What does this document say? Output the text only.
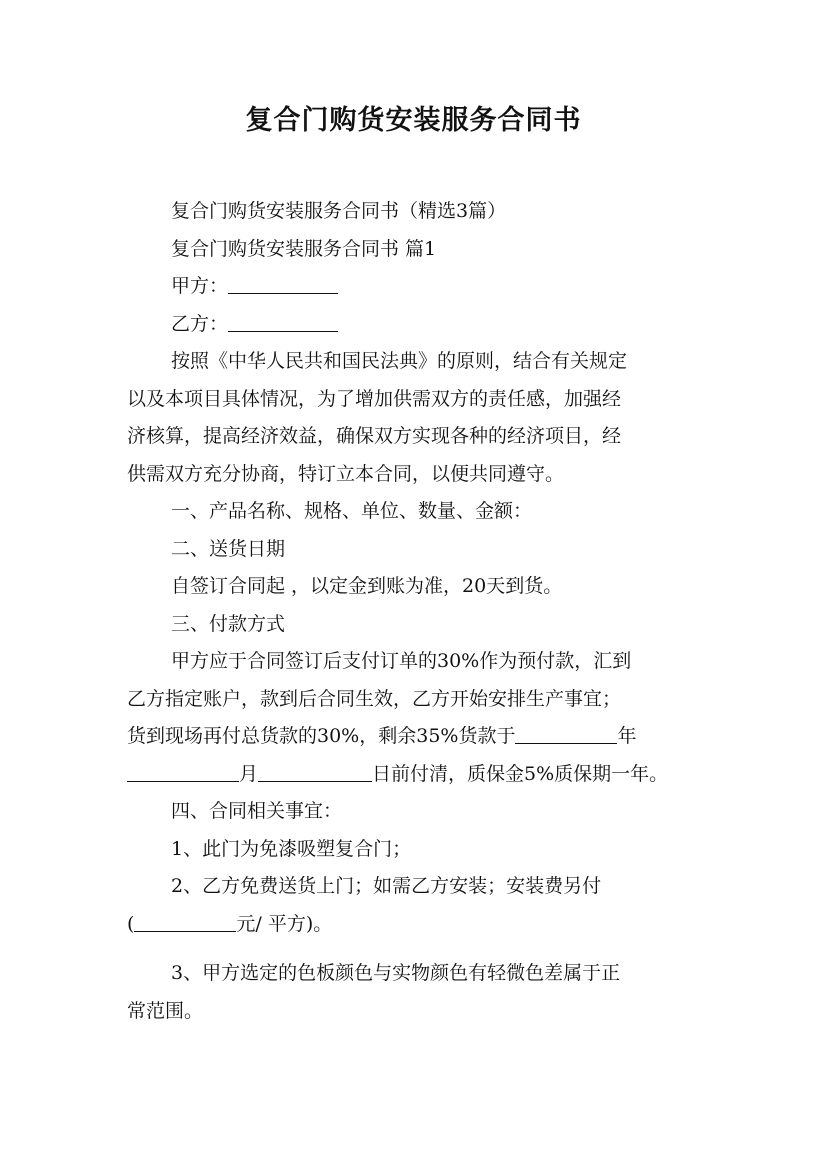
复合门购货安装服务合同书

复合门购货安装服务合同书（精选3篇）

复合门购货安装服务合同书 篇1

甲方：

乙方：

按照《中华人民共和国民法典》的原则，结合有关规定
以及本项目具体情况，为了增加供需双方的责任感，加强经
济核算，提高经济效益，确保双方实现各种的经济项目，经
供需双方充分协商，特订立本合同，以便共同遵守。

一、产品名称、规格、单位、数量、金额：

二、送货日期

自签订合同起 ，以定金到账为准，20天到货。

三、付款方式

甲方应于合同签订后支付订单的30%作为预付款，汇到
乙方指定账户，款到后合同生效，乙方开始安排生产事宜；
货到现场再付总货款的30%，剩余35%货款于	年
月	日前付清，质保金5%质保期一年。

四、合同相关事宜：

1、此门为免漆吸塑复合门；

2、乙方免费送货上门；如需乙方安装；安装费另付
(	元/ 平方)。

3、甲方选定的色板颜色与实物颜色有轻微色差属于正
常范围。
